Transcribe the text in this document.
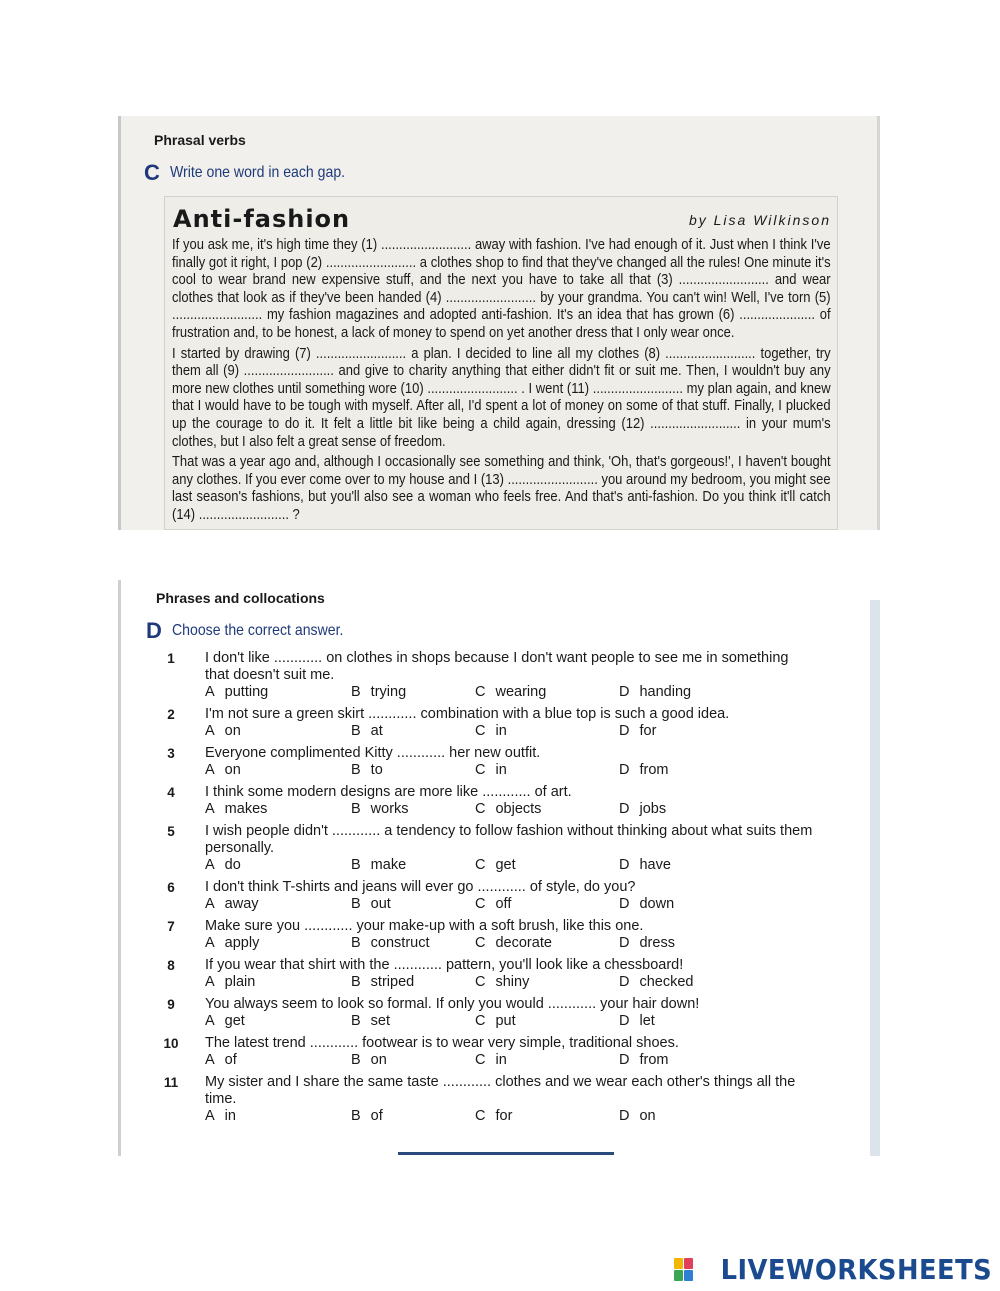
Phrasal verbs
C Write one word in each gap.
Anti-fashion	by Lisa Wilkinson

If you ask me, it's high time they (1) ......................... away with fashion. I've had enough of it. Just when I think I've finally got it right, I pop (2) ......................... a clothes shop to find that they've changed all the rules! One minute it's cool to wear brand new expensive stuff, and the next you have to take all that (3) ......................... and wear clothes that look as if they've been handed (4) ......................... by your grandma. You can't win! Well, I've torn (5) ......................... my fashion magazines and adopted anti-fashion. It's an idea that has grown (6) ..................... of frustration and, to be honest, a lack of money to spend on yet another dress that I only wear once.

I started by drawing (7) ......................... a plan. I decided to line all my clothes (8) ......................... together, try them all (9) ......................... and give to charity anything that either didn't fit or suit me. Then, I wouldn't buy any more new clothes until something wore (10) ......................... . I went (11) ......................... my plan again, and knew that I would have to be tough with myself. After all, I'd spent a lot of money on some of that stuff. Finally, I plucked up the courage to do it. It felt a little bit like being a child again, dressing (12) ......................... in your mum's clothes, but I also felt a great sense of freedom.

That was a year ago and, although I occasionally see something and think, 'Oh, that's gorgeous!', I haven't bought any clothes. If you ever come over to my house and I (13) ......................... you around my bedroom, you might see last season's fashions, but you'll also see a woman who feels free. And that's anti-fashion. Do you think it'll catch (14) ......................... ?

Phrases and collocations
D Choose the correct answer.
1	I don't like ............ on clothes in shops because I don't want people to see me in something that doesn't suit me.
A putting	B trying	C wearing	D handing
2	I'm not sure a green skirt ............ combination with a blue top is such a good idea.
A on	B at	C in	D for
3	Everyone complimented Kitty ............ her new outfit.
A on	B to	C in	D from
4	I think some modern designs are more like ............ of art.
A makes	B works	C objects	D jobs
5	I wish people didn't ............ a tendency to follow fashion without thinking about what suits them personally.
A do	B make	C get	D have
6	I don't think T-shirts and jeans will ever go ............ of style, do you?
A away	B out	C off	D down
7	Make sure you ............ your make-up with a soft brush, like this one.
A apply	B construct	C decorate	D dress
8	If you wear that shirt with the ............ pattern, you'll look like a chessboard!
A plain	B striped	C shiny	D checked
9	You always seem to look so formal. If only you would ............ your hair down!
A get	B set	C put	D let
10	The latest trend ............ footwear is to wear very simple, traditional shoes.
A of	B on	C in	D from
11	My sister and I share the same taste ............ clothes and we wear each other's things all the time.
A in	B of	C for	D on
LIVEWORKSHEETS
